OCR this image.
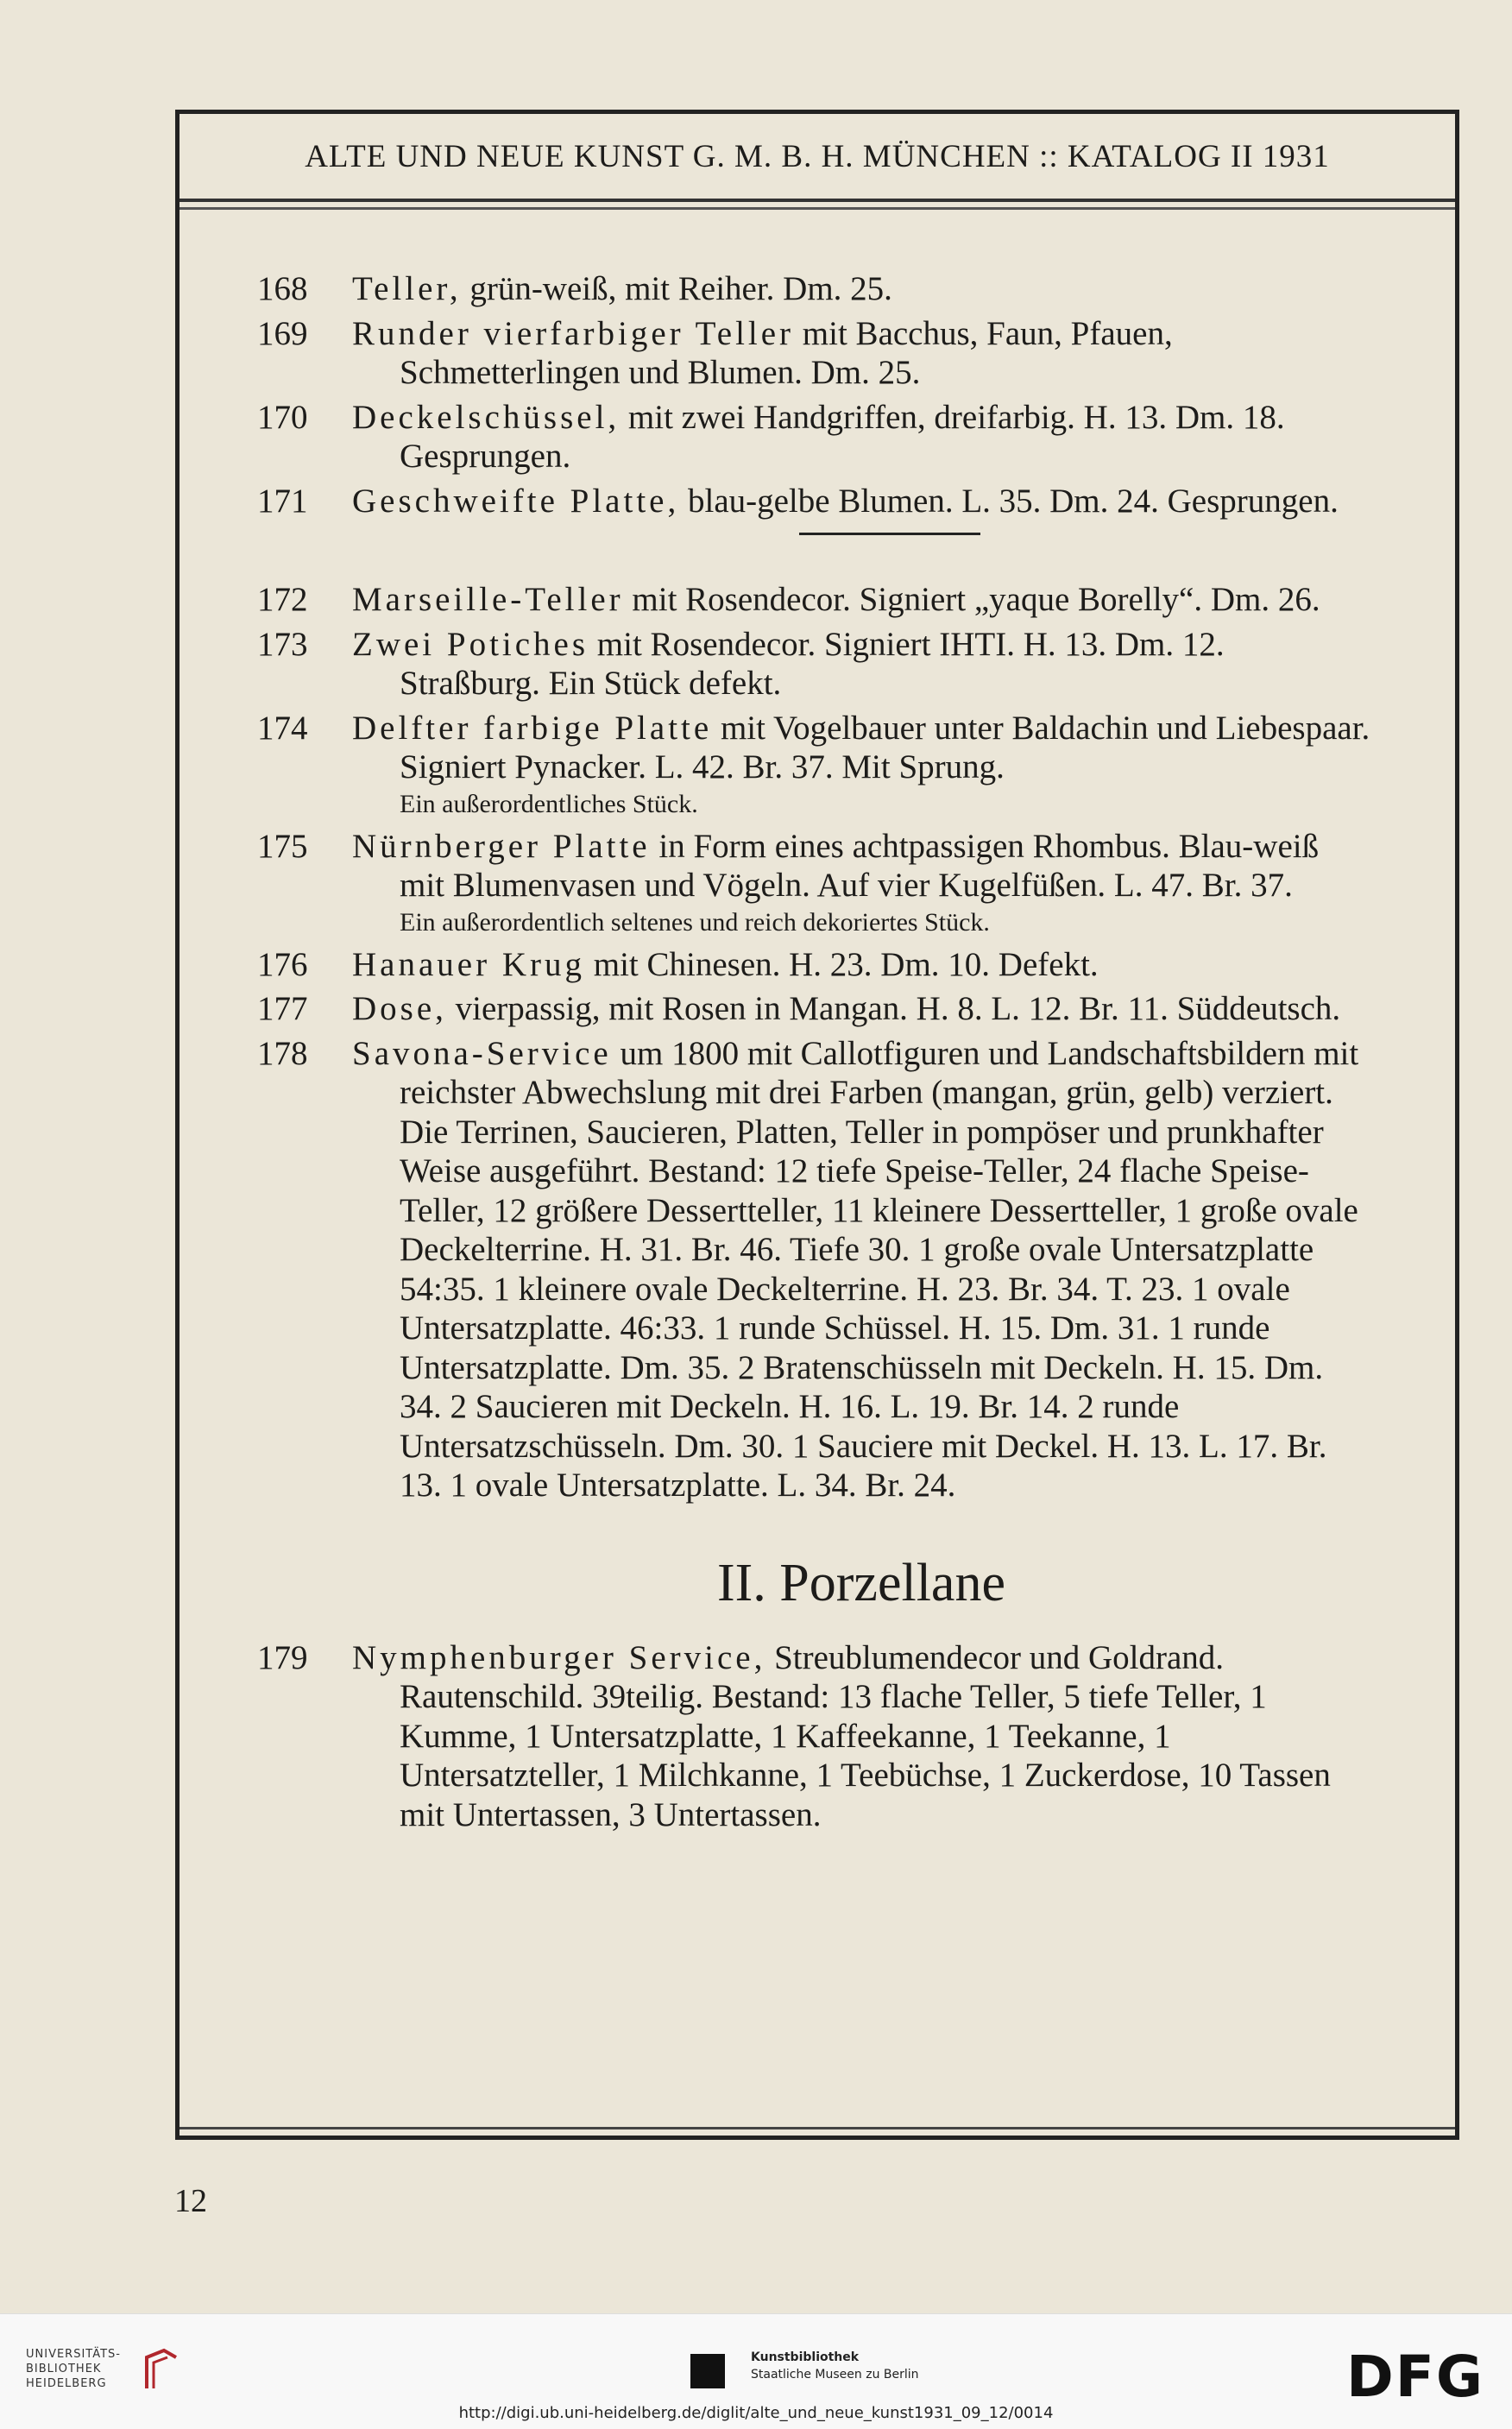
ALTE UND NEUE KUNST G. M. B. H. MÜNCHEN :: KATALOG II 1931
168	Teller, grün-weiß, mit Reiher. Dm. 25.
169	Runder vierfarbiger Teller mit Bacchus, Faun, Pfauen, Schmetterlingen und Blumen. Dm. 25.
170	Deckelschüssel, mit zwei Handgriffen, dreifarbig. H. 13. Dm. 18. Gesprungen.
171	Geschweifte Platte, blau-gelbe Blumen. L. 35. Dm. 24. Gesprungen.
172	Marseille-Teller mit Rosendecor. Signiert „yaque Borelly“. Dm. 26.
173	Zwei Potiches mit Rosendecor. Signiert IHTI. H. 13. Dm. 12. Straßburg. Ein Stück defekt.
174	Delfter farbige Platte mit Vogelbauer unter Baldachin und Liebespaar. Signiert Pynacker. L. 42. Br. 37. Mit Sprung.
Ein außerordentliches Stück.
175	Nürnberger Platte in Form eines achtpassigen Rhombus. Blau-weiß mit Blumenvasen und Vögeln. Auf vier Kugelfüßen. L. 47. Br. 37.
Ein außerordentlich seltenes und reich dekoriertes Stück.
176	Hanauer Krug mit Chinesen. H. 23. Dm. 10. Defekt.
177	Dose, vierpassig, mit Rosen in Mangan. H. 8. L. 12. Br. 11. Süddeutsch.
178	Savona-Service um 1800 mit Callotfiguren und Landschaftsbildern mit reichster Abwechslung mit drei Farben (mangan, grün, gelb) verziert. Die Terrinen, Saucieren, Platten, Teller in pompöser und prunkhafter Weise ausgeführt. Bestand: 12 tiefe Speise-Teller, 24 flache Speise-Teller, 12 größere Dessertteller, 11 kleinere Dessertteller, 1 große ovale Deckelterrine. H. 31. Br. 46. Tiefe 30. 1 große ovale Untersatzplatte 54:35. 1 kleinere ovale Deckelterrine. H. 23. Br. 34. T. 23. 1 ovale Untersatzplatte. 46:33. 1 runde Schüssel. H. 15. Dm. 31. 1 runde Untersatzplatte. Dm. 35. 2 Bratenschüsseln mit Deckeln. H. 15. Dm. 34. 2 Saucieren mit Deckeln. H. 16. L. 19. Br. 14. 2 runde Untersatzschüsseln. Dm. 30. 1 Sauciere mit Deckel. H. 13. L. 17. Br. 13. 1 ovale Untersatzplatte. L. 34. Br. 24.
II. Porzellane
179	Nymphenburger Service, Streublumendecor und Goldrand. Rautenschild. 39teilig. Bestand: 13 flache Teller, 5 tiefe Teller, 1 Kumme, 1 Untersatzplatte, 1 Kaffeekanne, 1 Teekanne, 1 Untersatzteller, 1 Milchkanne, 1 Teebüchse, 1 Zuckerdose, 10 Tassen mit Untertassen, 3 Untertassen.
12
UNIVERSITÄTS-
BIBLIOTHEK
HEIDELBERG
Kunstbibliothek
Staatliche Museen zu Berlin	DFG
http://digi.ub.uni-heidelberg.de/diglit/alte_und_neue_kunst1931_09_12/0014
